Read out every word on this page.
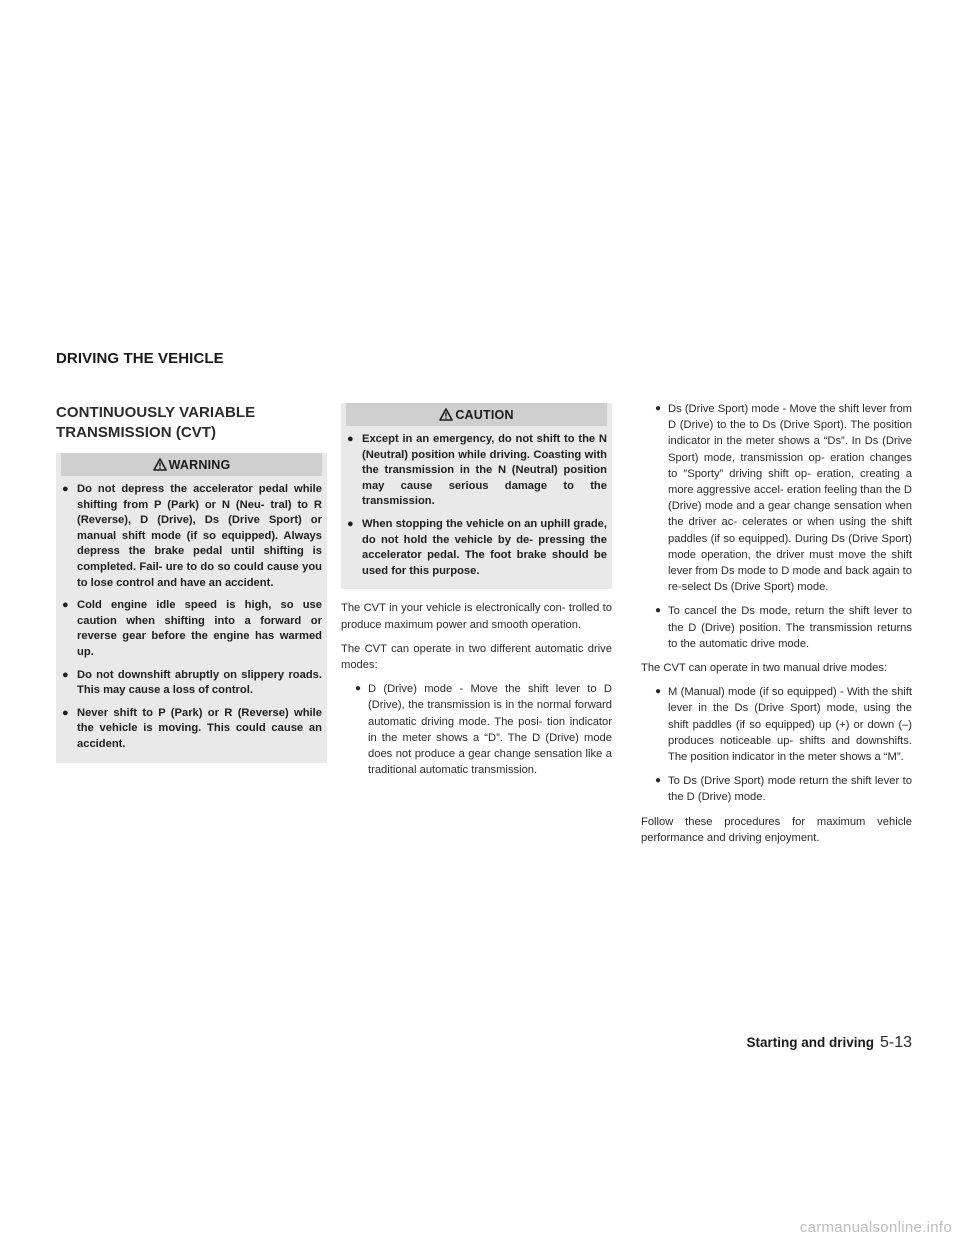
DRIVING THE VEHICLE
CONTINUOUSLY VARIABLE
TRANSMISSION (CVT)
WARNING
● Do not depress the accelerator pedal while shifting from P (Park) or N (Neu- tral) to R (Reverse), D (Drive), Ds (Drive Sport) or manual shift mode (if so equipped). Always depress the brake pedal until shifting is completed. Fail- ure to do so could cause you to lose control and have an accident.
● Cold engine idle speed is high, so use caution when shifting into a forward or reverse gear before the engine has warmed up.
● Do not downshift abruptly on slippery roads. This may cause a loss of control.
● Never shift to P (Park) or R (Reverse) while the vehicle is moving. This could cause an accident.
CAUTION
● Except in an emergency, do not shift to the N (Neutral) position while driving. Coasting with the transmission in the N (Neutral) position may cause serious damage to the transmission.
● When stopping the vehicle on an uphill grade, do not hold the vehicle by de- pressing the accelerator pedal. The foot brake should be used for this purpose.

The CVT in your vehicle is electronically con- trolled to produce maximum power and smooth operation.

The CVT can operate in two different automatic drive modes:

● D (Drive) mode - Move the shift lever to D (Drive), the transmission is in the normal forward automatic driving mode. The posi- tion indicator in the meter shows a “D”. The D (Drive) mode does not produce a gear change sensation like a traditional automatic transmission.
● Ds (Drive Sport) mode - Move the shift lever from D (Drive) to the to Ds (Drive Sport). The position indicator in the meter shows a “Ds”. In Ds (Drive Sport) mode, transmission op- eration changes to ″Sporty” driving shift op- eration, creating a more aggressive accel- eration feeling than the D (Drive) mode and a gear change sensation when the driver ac- celerates or when using the shift paddles (if so equipped). During Ds (Drive Sport) mode operation, the driver must move the shift lever from Ds mode to D mode and back again to re-select Ds (Drive Sport) mode.
● To cancel the Ds mode, return the shift lever to the D (Drive) position. The transmission returns to the automatic drive mode.

The CVT can operate in two manual drive modes:

● M (Manual) mode (if so equipped) - With the shift lever in the Ds (Drive Sport) mode, using the shift paddles (if so equipped) up (+) or down (–) produces noticeable up- shifts and downshifts. The position indicator in the meter shows a “M”.
● To Ds (Drive Sport) mode return the shift lever to the D (Drive) mode.

Follow these procedures for maximum vehicle performance and driving enjoyment.

Starting and driving 5-13
carmanualsonline.info
